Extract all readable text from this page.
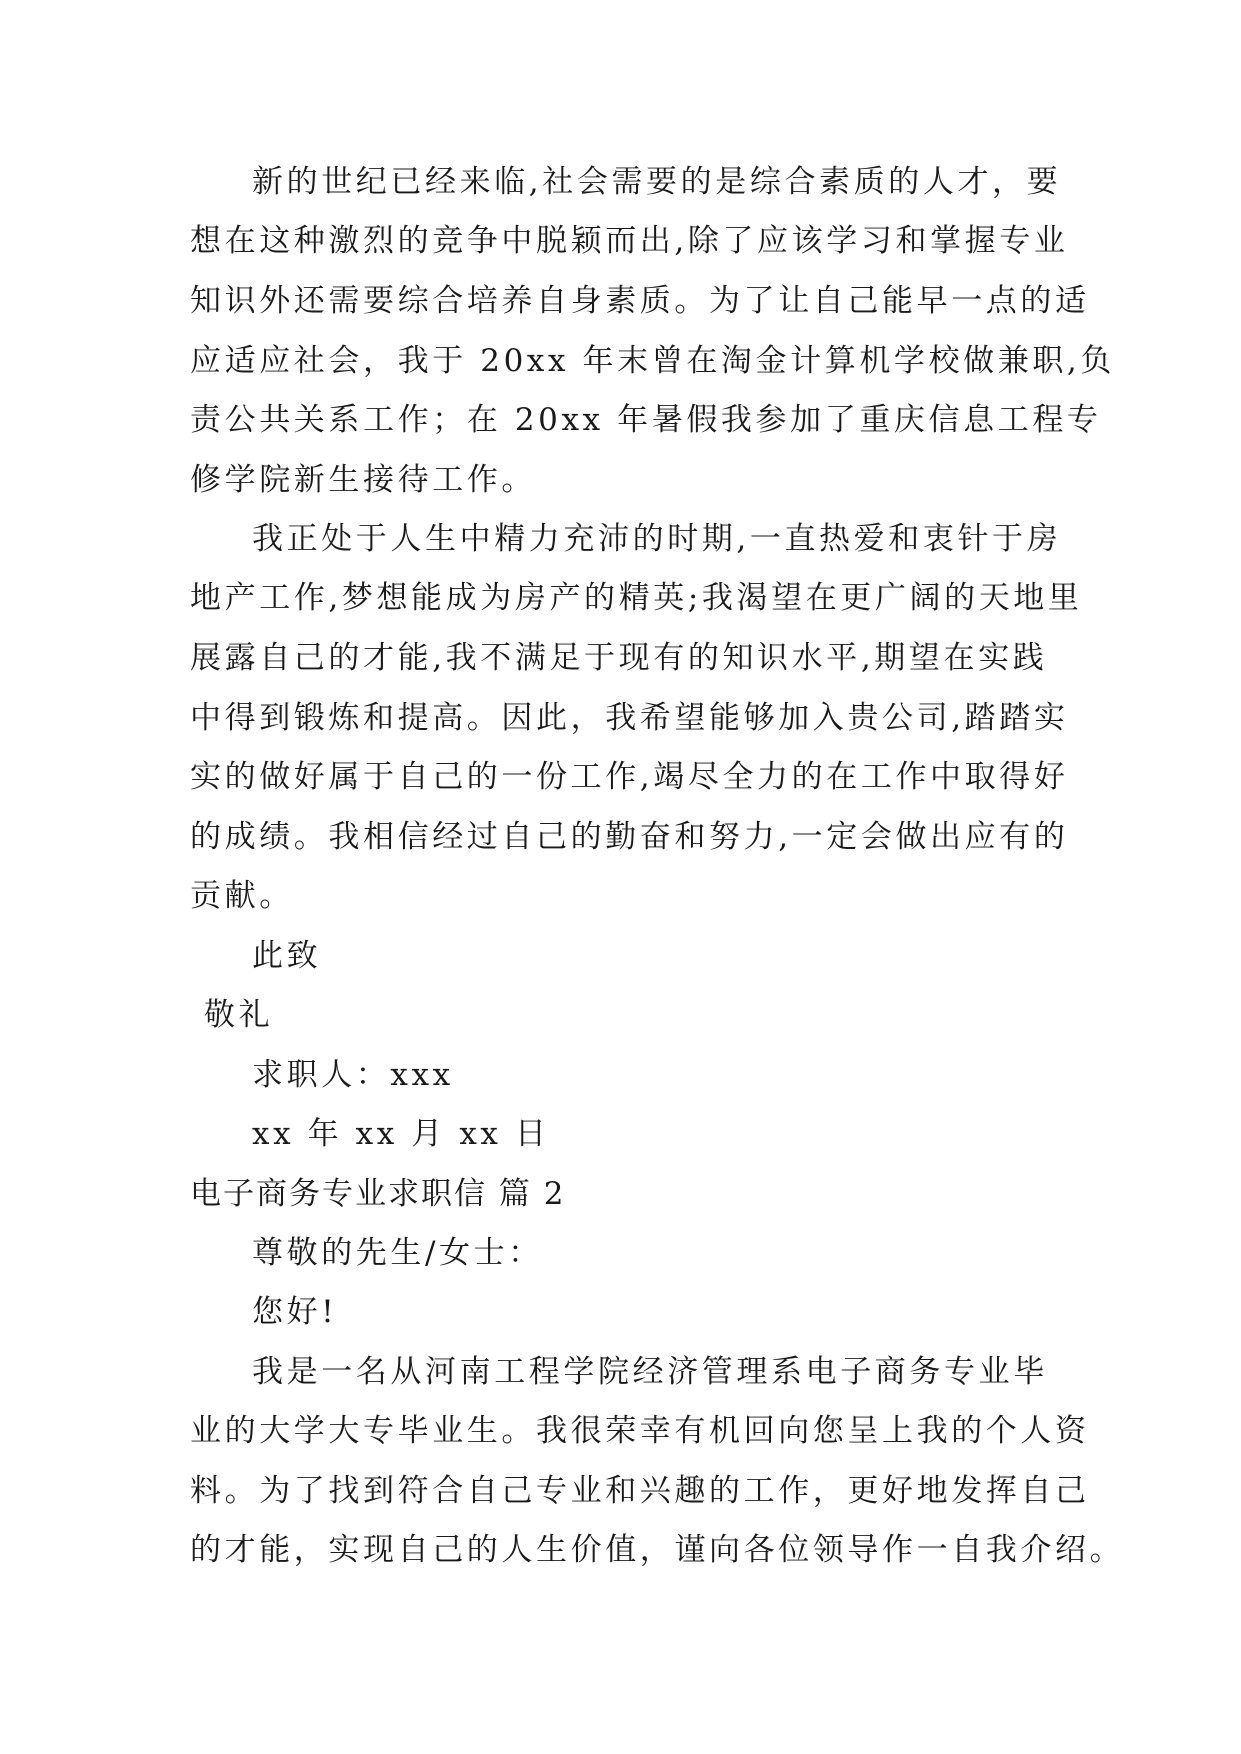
新的世纪已经来临,社会需要的是综合素质的人才，要
想在这种激烈的竞争中脱颖而出,除了应该学习和掌握专业
知识外还需要综合培养自身素质。为了让自己能早一点的适
应适应社会，我于 20xx 年末曾在淘金计算机学校做兼职,负
责公共关系工作；在 20xx 年暑假我参加了重庆信息工程专
修学院新生接待工作。
我正处于人生中精力充沛的时期,一直热爱和衷针于房
地产工作,梦想能成为房产的精英;我渴望在更广阔的天地里
展露自己的才能,我不满足于现有的知识水平,期望在实践
中得到锻炼和提高。因此，我希望能够加入贵公司,踏踏实
实的做好属于自己的一份工作,竭尽全力的在工作中取得好
的成绩。我相信经过自己的勤奋和努力,一定会做出应有的
贡献。
此致
敬礼
求职人：xxx
xx 年 xx 月 xx 日
电子商务专业求职信 篇 2
尊敬的先生/女士：
您好!
我是一名从河南工程学院经济管理系电子商务专业毕
业的大学大专毕业生。我很荣幸有机回向您呈上我的个人资
料。为了找到符合自己专业和兴趣的工作，更好地发挥自己
的才能，实现自己的人生价值，谨向各位领导作一自我介绍。
